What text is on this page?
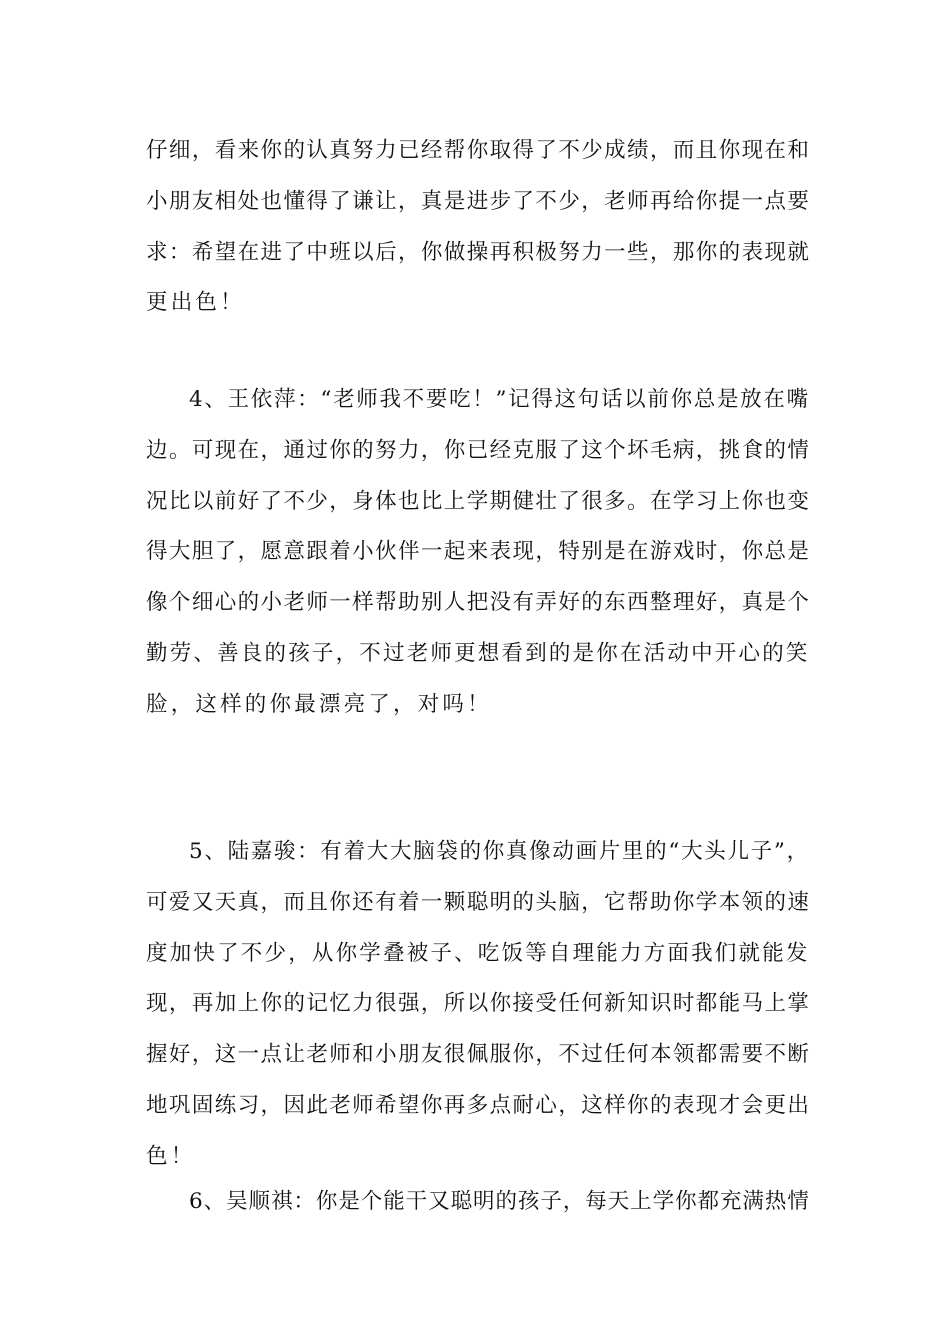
仔细，看来你的认真努力已经帮你取得了不少成绩，而且你现在和
小朋友相处也懂得了谦让，真是进步了不少，老师再给你提一点要
求：希望在进了中班以后，你做操再积极努力一些，那你的表现就
更出色！
4、王依萍：“老师我不要吃！”记得这句话以前你总是放在嘴
边。可现在，通过你的努力，你已经克服了这个坏毛病，挑食的情
况比以前好了不少，身体也比上学期健壮了很多。在学习上你也变
得大胆了，愿意跟着小伙伴一起来表现，特别是在游戏时，你总是
像个细心的小老师一样帮助别人把没有弄好的东西整理好，真是个
勤劳、善良的孩子，不过老师更想看到的是你在活动中开心的笑
脸，这样的你最漂亮了，对吗！
5、陆嘉骏：有着大大脑袋的你真像动画片里的“大头儿子”，
可爱又天真，而且你还有着一颗聪明的头脑，它帮助你学本领的速
度加快了不少，从你学叠被子、吃饭等自理能力方面我们就能发
现，再加上你的记忆力很强，所以你接受任何新知识时都能马上掌
握好，这一点让老师和小朋友很佩服你，不过任何本领都需要不断
地巩固练习，因此老师希望你再多点耐心，这样你的表现才会更出
色！
6、吴顺祺：你是个能干又聪明的孩子，每天上学你都充满热情
